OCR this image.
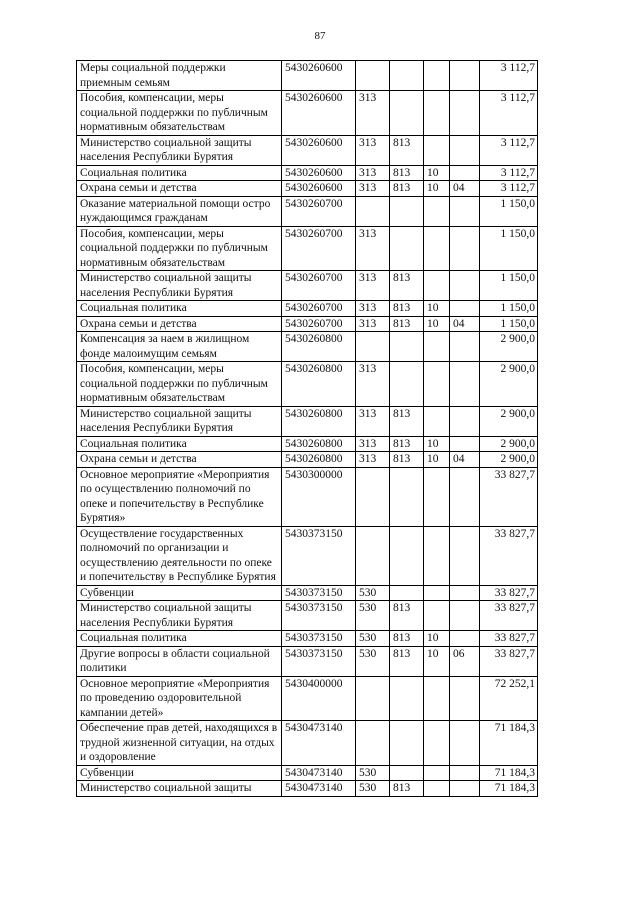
87
Меры социальной поддержки приемным семьям	5430260600					3 112,7
Пособия, компенсации, меры социальной поддержки по публичным нормативным обязательствам	5430260600	313				3 112,7
Министерство социальной защиты населения Республики Бурятия	5430260600	313	813			3 112,7
Социальная политика	5430260600	313	813	10		3 112,7
Охрана семьи и детства	5430260600	313	813	10	04	3 112,7
Оказание материальной помощи остро нуждающимся гражданам	5430260700					1 150,0
Пособия, компенсации, меры социальной поддержки по публичным нормативным обязательствам	5430260700	313				1 150,0
Министерство социальной защиты населения Республики Бурятия	5430260700	313	813			1 150,0
Социальная политика	5430260700	313	813	10		1 150,0
Охрана семьи и детства	5430260700	313	813	10	04	1 150,0
Компенсация за наем в жилищном фонде малоимущим семьям	5430260800					2 900,0
Пособия, компенсации, меры социальной поддержки по публичным нормативным обязательствам	5430260800	313				2 900,0
Министерство социальной защиты населения Республики Бурятия	5430260800	313	813			2 900,0
Социальная политика	5430260800	313	813	10		2 900,0
Охрана семьи и детства	5430260800	313	813	10	04	2 900,0
Основное мероприятие «Мероприятия по осуществлению полномочий по опеке и попечительству в Республике Бурятия»	5430300000					33 827,7
Осуществление государственных полномочий по организации и осуществлению деятельности по опеке и попечительству в Республике Бурятия	5430373150					33 827,7
Субвенции	5430373150	530				33 827,7
Министерство социальной защиты населения Республики Бурятия	5430373150	530	813			33 827,7
Социальная политика	5430373150	530	813	10		33 827,7
Другие вопросы в области социальной политики	5430373150	530	813	10	06	33 827,7
Основное мероприятие «Мероприятия по проведению оздоровительной кампании детей»	5430400000					72 252,1
Обеспечение прав детей, находящихся в трудной жизненной ситуации, на отдых и оздоровление	5430473140					71 184,3
Субвенции	5430473140	530				71 184,3
Министерство социальной защиты	5430473140	530	813			71 184,3
